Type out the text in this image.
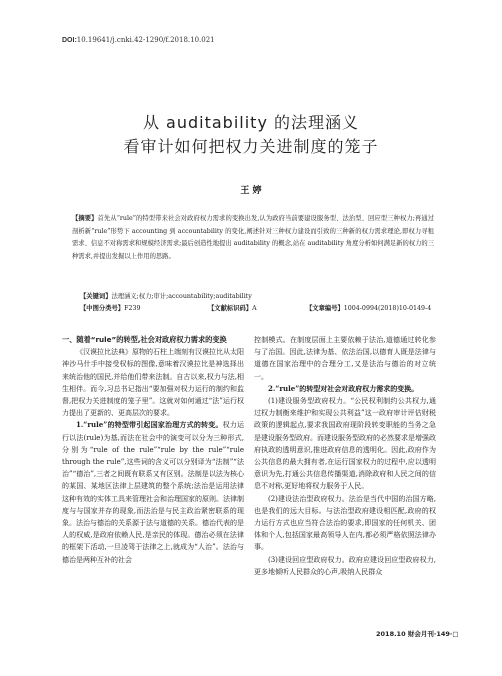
DOI:10.19641/j.cnki.42-1290/f.2018.10.021
从 auditability 的法理涵义
看审计如何把权力关进制度的笼子
王 婷
【摘要】首先从“rule”的特型带来社会对政府权力需求的变换出发,认为政府当前要建设服务型、法治型、回应型三种权力;再通过剖析新“rule”形势下 accounting 到 accountability 的变化,阐述针对三种权力建设而引致的三种新的权力需求理论,即权力寻租需求、信息不对称需求和规模经济需求;最后创造性地提出 auditability 的概念,站在 auditability 角度分析如何满足新的权力的三种需求,并提出发掘以上作用的思路。
【关键词】法理涵义;权力;审计;accountability;auditability
【中图分类号】F239	【文献标识码】A	【文章编号】1004-0994(2018)10-0149-4

一、随着“rule”的转型,社会对政府权力需求的变换

《汉谟拉比法典》原物的石柱上端刻有汉谟拉比从太阳神沙马什手中接受权标的图像,意味着汉谟拉比是神选择出来统治他的国民,并给他们带来法制。自古以来,权力与法,相生相伴。而今,习总书记指出“要加强对权力运行的制约和监督,把权力关进制度的笼子里”。这就对如何通过“法”运行权力提出了更新的、更高层次的要求。

1.“rule”的特型带引起国家治理方式的转变。权力运行以法(rule)为基,而法在社会中的演变可以分为三种形式,分别为“rule of the rule”“rule by the rule”“rule through the rule”,这些词的含义可以分别译为“法制”“法治”“德治”,三者之间既有联系又有区别。法制是以法为核心的某国、某地区法律上层建筑的整个系统;法治是运用法律这种有效的实体工具来管理社会和治理国家的原则。法律制度与与国家并存的现象,而法治是与民主政治紧密联系的现象。法治与德治的关系源于法与道德的关系。德治代表的是人的权威,是政府依赖人民,是亲民的体现。德治必须在法律的框架下活动,一旦凌驾于法律之上,就成为“人治”。法治与德治是两种互补的社会

控制模式。在制度层面上主要依赖于法治,道德通过转化参与了治国。因此,法律为基、依法治国,以德育人既是法律与道德在国家治理中的合理分工,又是法治与德治的对立统一。

2.“rule”的转型对社会对政府权力需求的变换。

(1)建设服务型政府权力。“公民权利制约公共权力,通过权力制衡来维护和实现公共利益”这一政府审计评估财税政策的逻辑起点,要求我国政府现阶段转变职能的当务之急是建设服务型政府。而建设服务型政府的必然要求是增强政府执政的透明意识,推进政府信息的透明化。因此,政府作为公共信息的最大拥有者,在运行国家权力的过程中,应以透明意识为先,打通公共信息传播渠道,消除政府和人民之间的信息不对称,更好地将权力服务于人民。

(2)建设法治型政府权力。法治是当代中国的治国方略,也是我们的远大目标。与法治型政府建设相匹配,政府的权力运行方式也应当符合法治的要求,即国家的任何机关、团体和个人,包括国家最高领导人在内,都必须严格依照法律办事。

(3)建设回应型政府权力。政府应建设回应型政府权力,更多地倾听人民群众的心声,吸纳人民群众

2018.10 财会月刊·149·□
